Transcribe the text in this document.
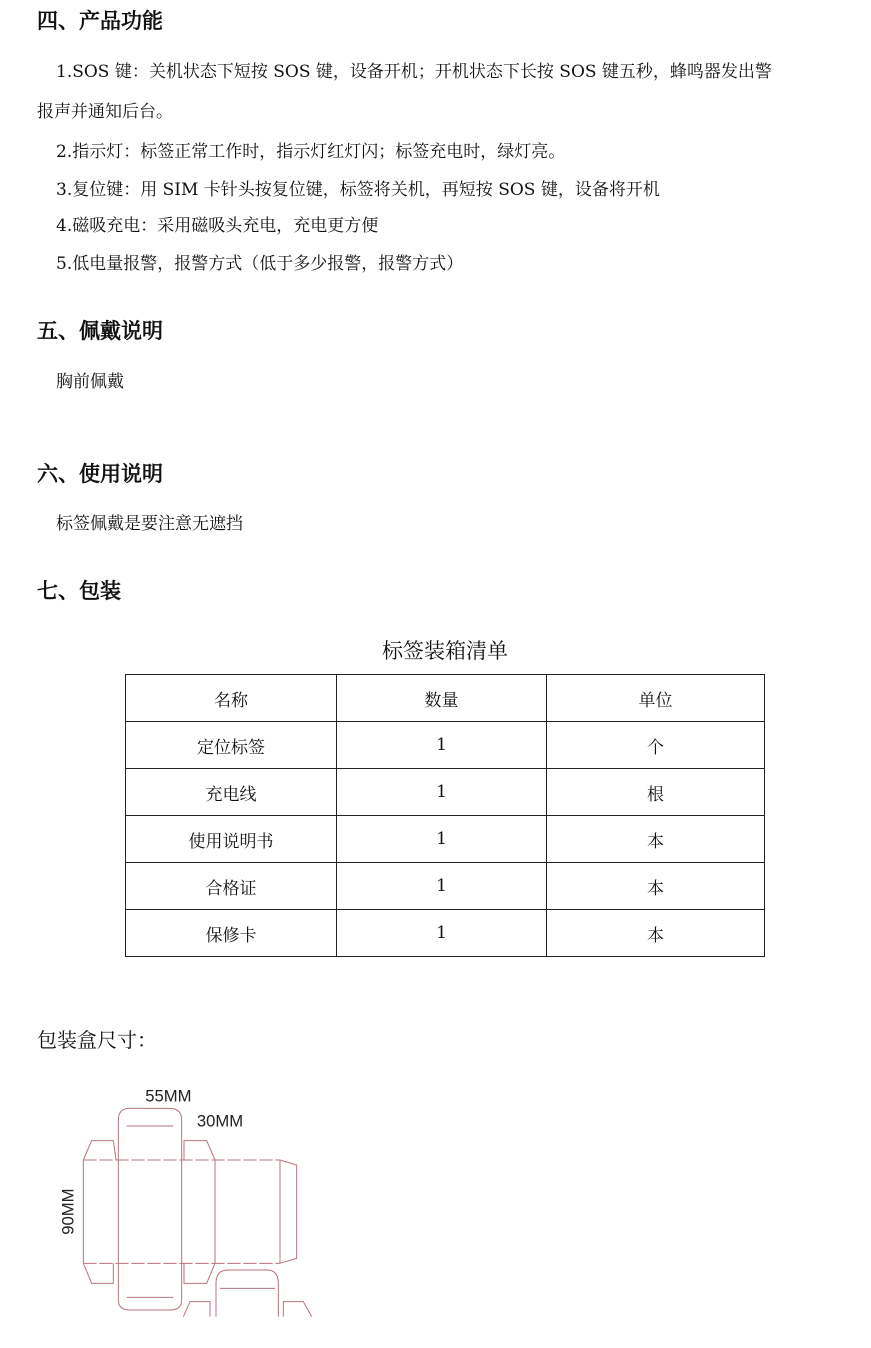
四、产品功能
1.SOS 键：关机状态下短按 SOS 键，设备开机；开机状态下长按 SOS 键五秒，蜂鸣器发出警
报声并通知后台。
2.指示灯：标签正常工作时，指示灯红灯闪；标签充电时，绿灯亮。
3.复位键：用 SIM 卡针头按复位键，标签将关机，再短按 SOS 键，设备将开机
4.磁吸充电：采用磁吸头充电，充电更方便
5.低电量报警，报警方式（低于多少报警，报警方式）
五、佩戴说明
胸前佩戴
六、使用说明
标签佩戴是要注意无遮挡
七、包装
标签装箱清单
名称	数量	单位
定位标签	1	个
充电线	1	根
使用说明书	1	本
合格证	1	本
保修卡	1	本
包装盒尺寸：
55MM
30MM
90MM
